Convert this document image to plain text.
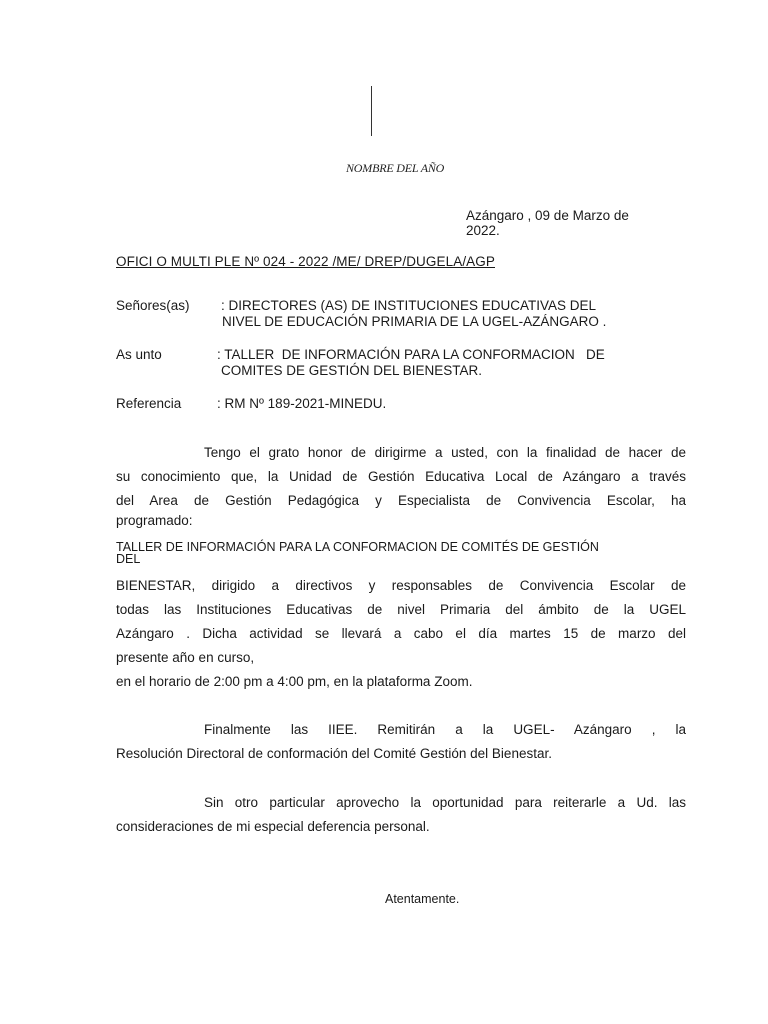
NOMBRE DEL AÑO
Azángaro , 09 de Marzo de
2022.
OFICI O MULTI PLE Nº 024 - 2022 /ME/ DREP/DUGELA/AGP
Señores(as) : DIRECTORES (AS) DE INSTITUCIONES EDUCATIVAS DEL
NIVEL DE EDUCACIÓN PRIMARIA DE LA UGEL-AZÁNGARO .
As unto	: TALLER  DE INFORMACIÓN PARA LA CONFORMACION   DE
COMITES DE GESTIÓN DEL BIENESTAR.
Referencia	: RM Nº 189-2021-MINEDU.
Tengo el grato honor de dirigirme a usted, con la finalidad de hacer de
su conocimiento que, la Unidad de Gestión Educativa Local de Azángaro a través
del Area de Gestión Pedagógica y Especialista de Convivencia Escolar, ha
programado:
TALLER DE INFORMACIÓN PARA LA CONFORMACION DE COMITÉS DE GESTIÓN
DEL
BIENESTAR, dirigido a directivos y responsables de Convivencia Escolar de
todas las Instituciones Educativas de nivel Primaria del ámbito de la UGEL
Azángaro . Dicha actividad se llevará a cabo el día martes 15 de marzo del
presente año en curso,
en el horario de 2:00 pm a 4:00 pm, en la plataforma Zoom.
Finalmente las IIEE. Remitirán a la UGEL- Azángaro , la
Resolución Directoral de conformación del Comité Gestión del Bienestar.
Sin otro particular aprovecho la oportunidad para reiterarle a Ud. las
consideraciones de mi especial deferencia personal.
Atentamente.
